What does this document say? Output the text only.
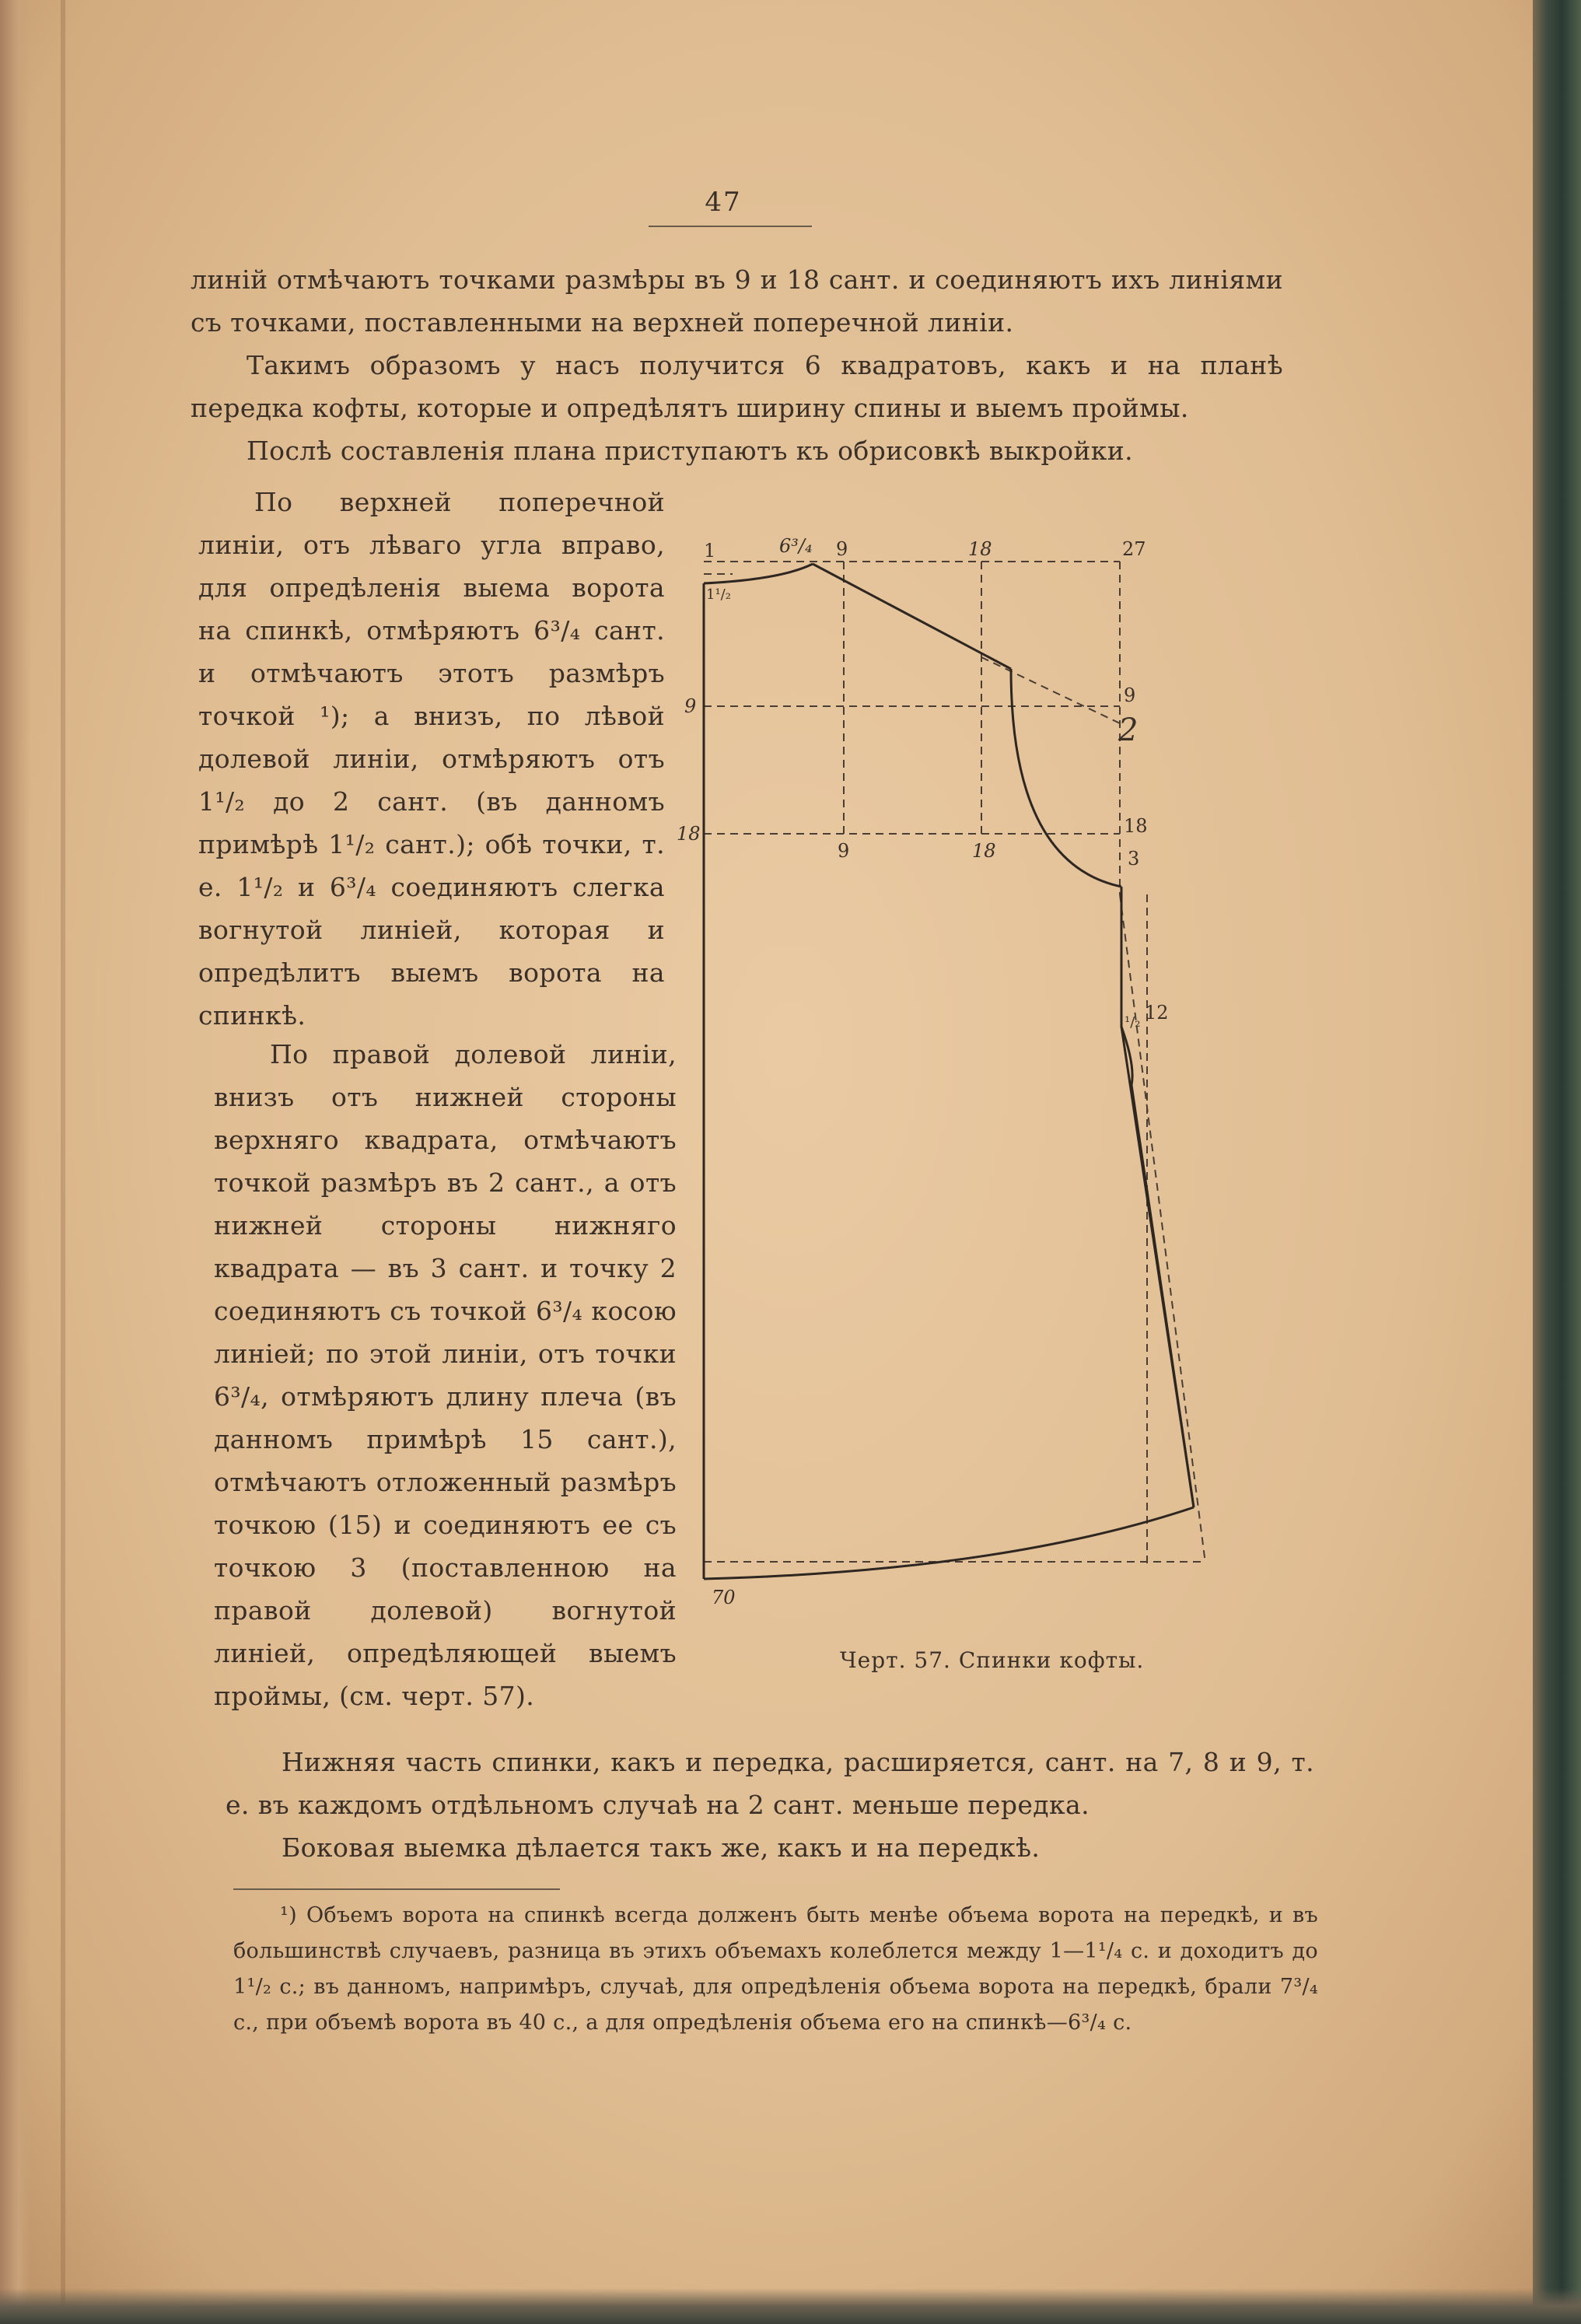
47

линій отмѣчаютъ точками размѣры въ 9 и 18 сант. и соединяютъ ихъ линіями съ точками, поставленными на верхней поперечной линіи.

Такимъ образомъ у насъ получится 6 квадратовъ, какъ и на планѣ передка кофты, которые и опредѣлятъ ширину спины и выемъ проймы.

Послѣ составленія плана приступаютъ къ обрисовкѣ выкройки.

По верхней поперечной линіи, отъ лѣваго угла вправо, для опредѣленія выема ворота на спинкѣ, отмѣряютъ 6³/₄ сант. и отмѣчаютъ этотъ размѣръ точкой ¹); а внизъ, по лѣвой долевой линіи, отмѣряютъ отъ 1¹/₂ до 2 сант. (въ данномъ примѣрѣ 1¹/₂ сант.); обѣ точки, т. е. 1¹/₂ и 6³/₄ соединяютъ слегка вогнутой линіей, которая и опредѣлитъ выемъ ворота на спинкѣ.

По правой долевой линіи, внизъ отъ нижней стороны верхняго квадрата, отмѣчаютъ точкой размѣръ въ 2 сант., а отъ нижней стороны нижняго квадрата — въ 3 сант. и точку 2 соединяютъ съ точкой 6³/₄ косою линіей; по этой линіи, отъ точки 6³/₄, отмѣряютъ длину плеча (въ данномъ примѣрѣ 15 сант.), отмѣчаютъ отложенный размѣръ точкою (15) и соединяютъ ее съ точкою 3 (поставленною на правой долевой) вогнутой линіей, опредѣляющей выемъ проймы, (см. черт. 57).

Нижняя часть спинки, какъ и передка, расширяется, сант. на 7, 8 и 9, т. е. въ каждомъ отдѣльномъ случаѣ на 2 сант. меньше передка.

Боковая выемка дѣлается такъ же, какъ и на передкѣ.

1	6³/₄ 9	18	27
1¹/₂
9	9
2
18
9	18
18
3
¹/₂ 12
70
Черт. 57. Спинки кофты.

¹) Объемъ ворота на спинкѣ всегда долженъ быть менѣе объема ворота на передкѣ, и въ большинствѣ случаевъ, разница въ этихъ объемахъ колеблется между 1—1¹/₄ с. и доходитъ до 1¹/₂ с.; въ данномъ, напримѣръ, случаѣ, для опредѣленія объема ворота на передкѣ, брали 7³/₄ с., при объемѣ ворота въ 40 с., а для опредѣленія объема его на спинкѣ—6³/₄ с.
